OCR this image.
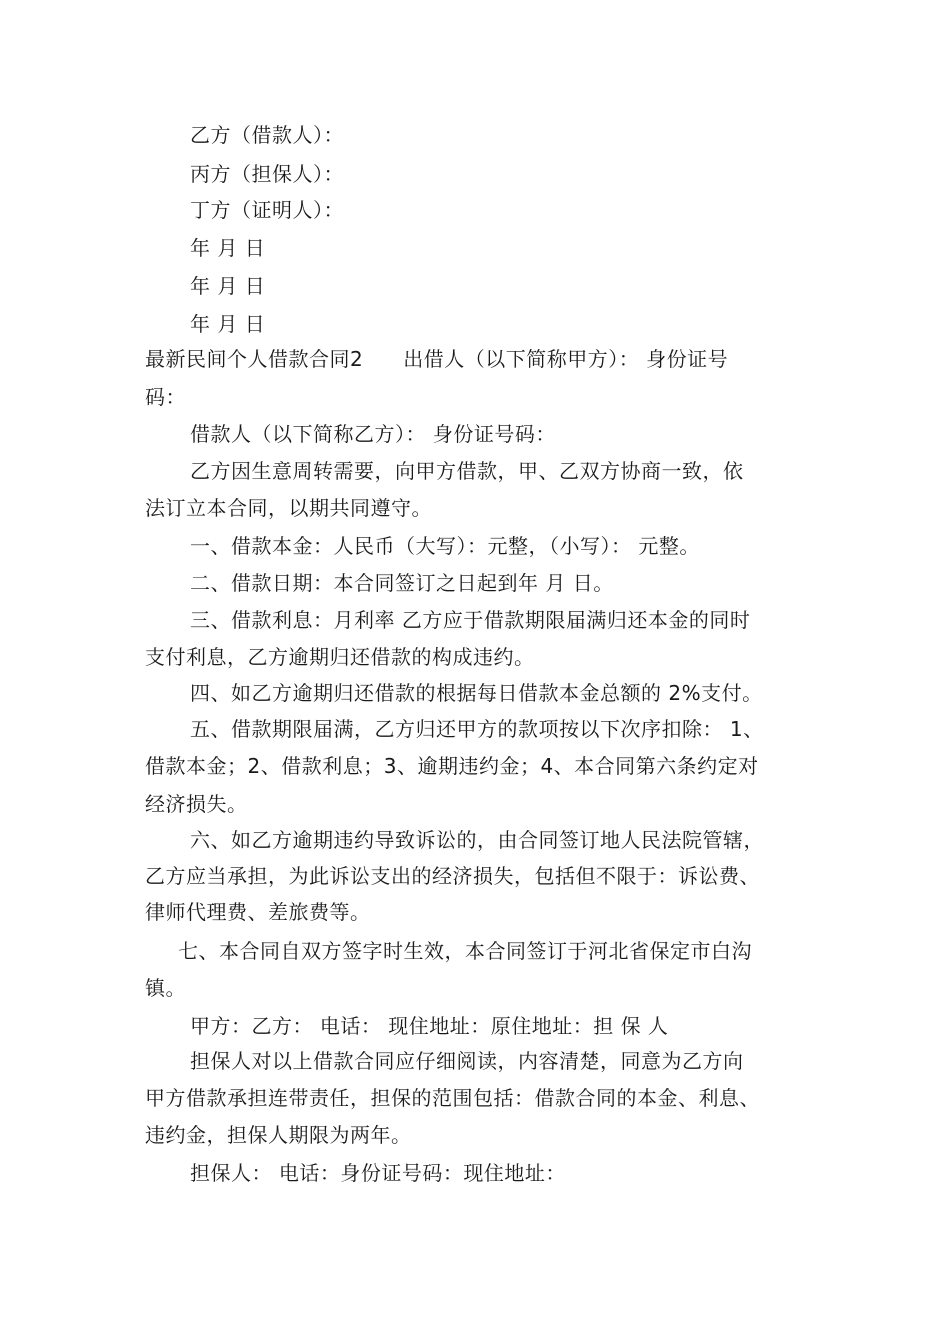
乙方（借款人）：
丙方（担保人）：
丁方（证明人）：
年 月 日
年 月 日
年 月 日
最新民间个人借款合同2 出借人（以下简称甲方）： 身份证号
码：
借款人（以下简称乙方）： 身份证号码：
乙方因生意周转需要，向甲方借款，甲、乙双方协商一致，依
法订立本合同，以期共同遵守。
一、借款本金：人民币（大写）：元整，（小写）： 元整。
二、借款日期：本合同签订之日起到年 月 日。
三、借款利息：月利率 乙方应于借款期限届满归还本金的同时
支付利息，乙方逾期归还借款的构成违约。
四、如乙方逾期归还借款的根据每日借款本金总额的 2%支付。
五、借款期限届满，乙方归还甲方的款项按以下次序扣除： 1、
借款本金；2、借款利息；3、逾期违约金；4、本合同第六条约定对
经济损失。
六、如乙方逾期违约导致诉讼的，由合同签订地人民法院管辖，
乙方应当承担，为此诉讼支出的经济损失，包括但不限于：诉讼费、
律师代理费、差旅费等。
七、本合同自双方签字时生效，本合同签订于河北省保定市白沟
镇。
甲方：乙方： 电话： 现住地址：原住地址：担 保 人
担保人对以上借款合同应仔细阅读，内容清楚，同意为乙方向
甲方借款承担连带责任，担保的范围包括：借款合同的本金、利息、
违约金，担保人期限为两年。
担保人： 电话：身份证号码：现住地址：
